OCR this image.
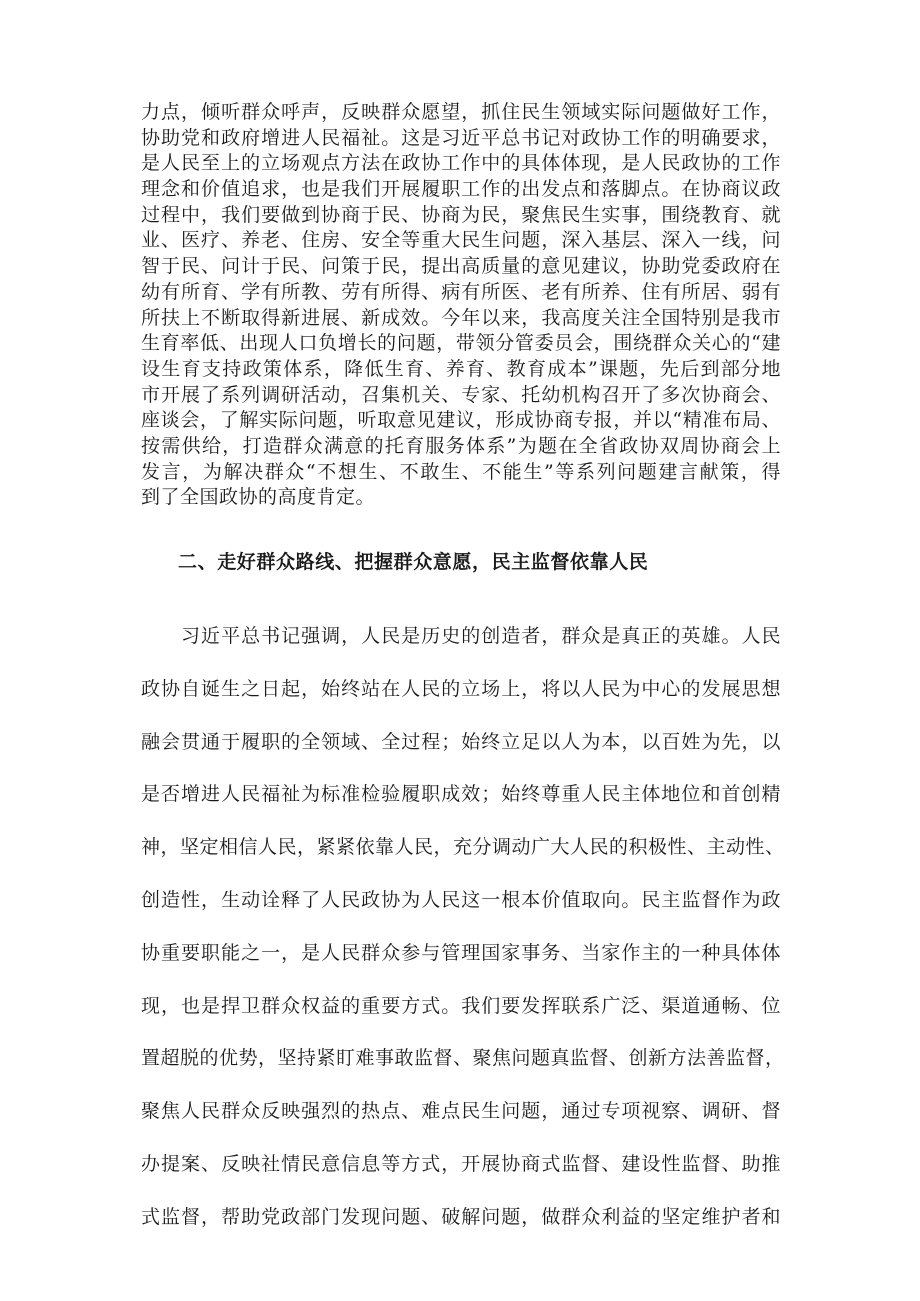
力点，倾听群众呼声，反映群众愿望，抓住民生领域实际问题做好工作，
协助党和政府增进人民福祉。这是习近平总书记对政协工作的明确要求，
是人民至上的立场观点方法在政协工作中的具体体现，是人民政协的工作
理念和价值追求，也是我们开展履职工作的出发点和落脚点。在协商议政
过程中，我们要做到协商于民、协商为民，聚焦民生实事，围绕教育、就
业、医疗、养老、住房、安全等重大民生问题，深入基层、深入一线，问
智于民、问计于民、问策于民，提出高质量的意见建议，协助党委政府在
幼有所育、学有所教、劳有所得、病有所医、老有所养、住有所居、弱有
所扶上不断取得新进展、新成效。今年以来，我高度关注全国特别是我市
生育率低、出现人口负增长的问题，带领分管委员会，围绕群众关心的“建
设生育支持政策体系，降低生育、养育、教育成本”课题，先后到部分地
市开展了系列调研活动，召集机关、专家、托幼机构召开了多次协商会、
座谈会，了解实际问题，听取意见建议，形成协商专报，并以“精准布局、
按需供给，打造群众满意的托育服务体系”为题在全省政协双周协商会上
发言，为解决群众“不想生、不敢生、不能生”等系列问题建言献策，得
到了全国政协的高度肯定。
二、走好群众路线、把握群众意愿，民主监督依靠人民
　　习近平总书记强调，人民是历史的创造者，群众是真正的英雄。人民
政协自诞生之日起，始终站在人民的立场上，将以人民为中心的发展思想
融会贯通于履职的全领域、全过程；始终立足以人为本，以百姓为先，以
是否增进人民福祉为标准检验履职成效；始终尊重人民主体地位和首创精
神，坚定相信人民，紧紧依靠人民，充分调动广大人民的积极性、主动性、
创造性，生动诠释了人民政协为人民这一根本价值取向。民主监督作为政
协重要职能之一，是人民群众参与管理国家事务、当家作主的一种具体体
现，也是捍卫群众权益的重要方式。我们要发挥联系广泛、渠道通畅、位
置超脱的优势，坚持紧盯难事敢监督、聚焦问题真监督、创新方法善监督，
聚焦人民群众反映强烈的热点、难点民生问题，通过专项视察、调研、督
办提案、反映社情民意信息等方式，开展协商式监督、建设性监督、助推
式监督，帮助党政部门发现问题、破解问题，做群众利益的坚定维护者和
